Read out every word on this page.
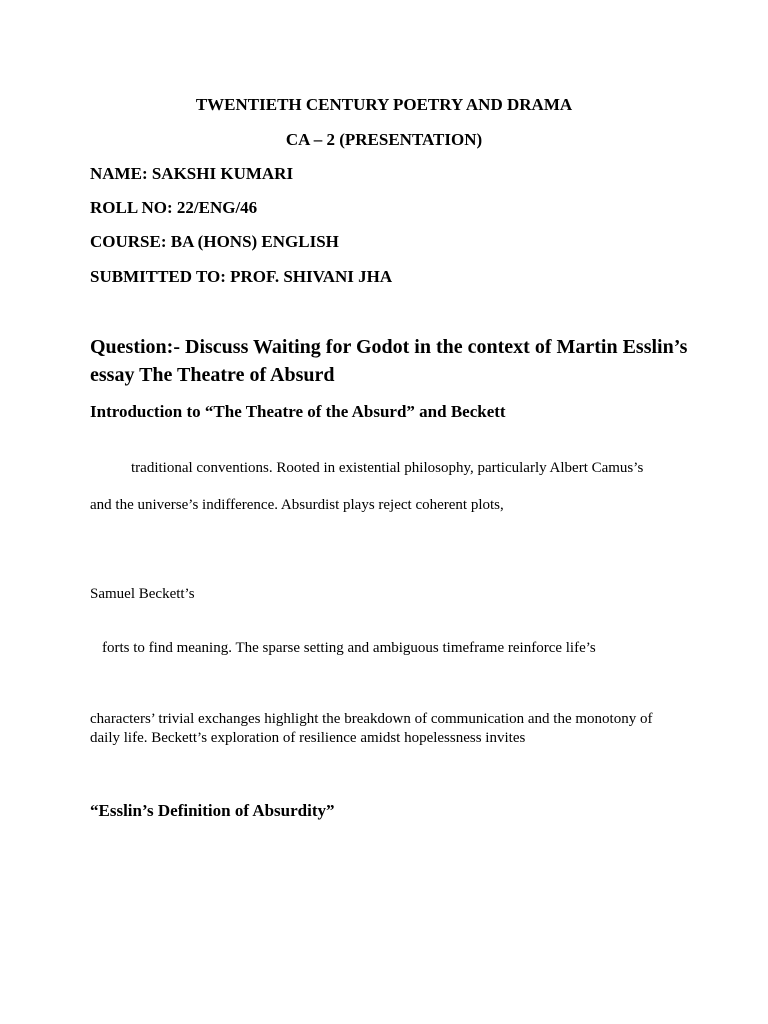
TWENTIETH CENTURY POETRY AND DRAMA

CA – 2 (PRESENTATION)

NAME: SAKSHI KUMARI

ROLL NO: 22/ENG/46

COURSE: BA (HONS) ENGLISH

SUBMITTED TO: PROF. SHIVANI JHA

Question:- Discuss Waiting for Godot in the context of Martin Esslin’s essay The Theatre of Absurd

Introduction to “The Theatre of the Absurd” and Beckett

traditional conventions. Rooted in existential philosophy, particularly Albert Camus’s

and the universe’s indifference. Absurdist plays reject coherent plots,

Samuel Beckett’s

forts to find meaning. The sparse setting and ambiguous timeframe reinforce life’s

characters’ trivial exchanges highlight the breakdown of communication and the monotony of daily life. Beckett’s exploration of resilience amidst hopelessness invites

“Esslin’s Definition of Absurdity”
